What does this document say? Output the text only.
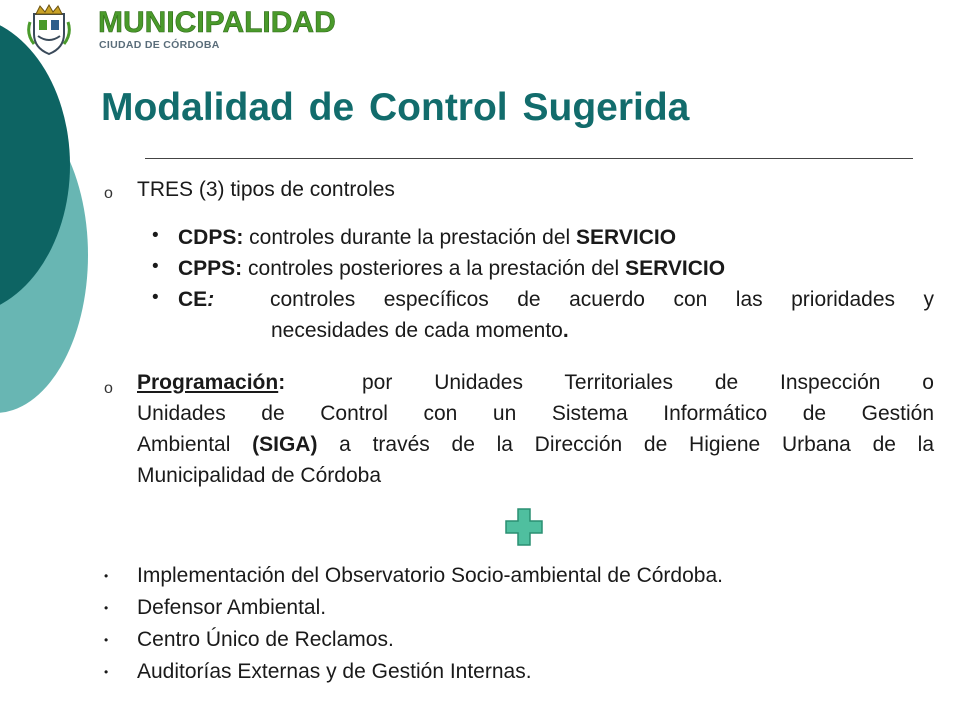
MUNICIPALIDAD
CIUDAD DE CÓRDOBA
Modalidad de Control Sugerida
o TRES (3) tipos de controles
• CDPS: controles durante la prestación del SERVICIO
• CPPS: controles posteriores a la prestación del SERVICIO
• CE:	controles específicos de acuerdo con las prioridades y
necesidades de cada momento.
o Programación:	por Unidades Territoriales de Inspección o
Unidades de Control con un Sistema Informático de Gestión
Ambiental (SIGA) a través de la Dirección de Higiene Urbana de la
Municipalidad de Córdoba
• Implementación del Observatorio Socio-ambiental de Córdoba.
• Defensor Ambiental.
• Centro Único de Reclamos.
• Auditorías Externas y de Gestión Internas.
